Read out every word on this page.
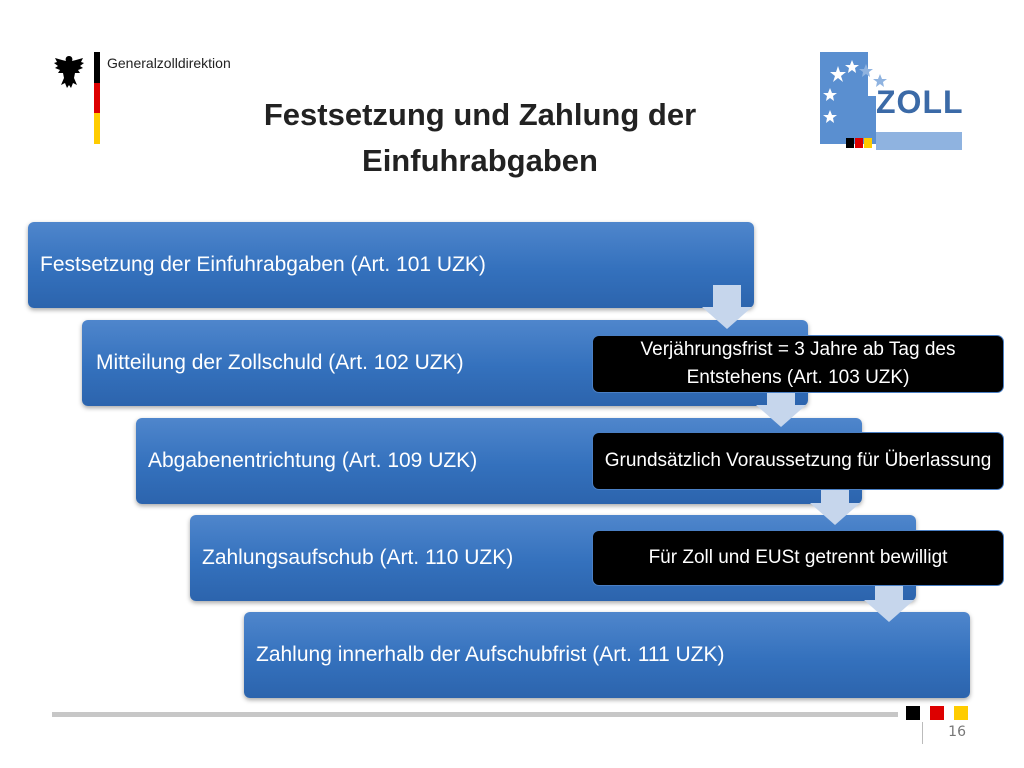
Generalzolldirektion
Festsetzung und Zahlung der Einfuhrabgaben
ZOLL
Festsetzung der Einfuhrabgaben (Art. 101 UZK)
Mitteilung der Zollschuld (Art. 102 UZK)
Abgabenentrichtung (Art. 109 UZK)
Zahlungsaufschub (Art. 110 UZK)
Zahlung innerhalb der Aufschubfrist (Art. 111 UZK)
Verjährungsfrist = 3 Jahre ab Tag des Entstehens (Art. 103 UZK)
Grundsätzlich Voraussetzung für Überlassung
Für Zoll und EUSt getrennt bewilligt
16
